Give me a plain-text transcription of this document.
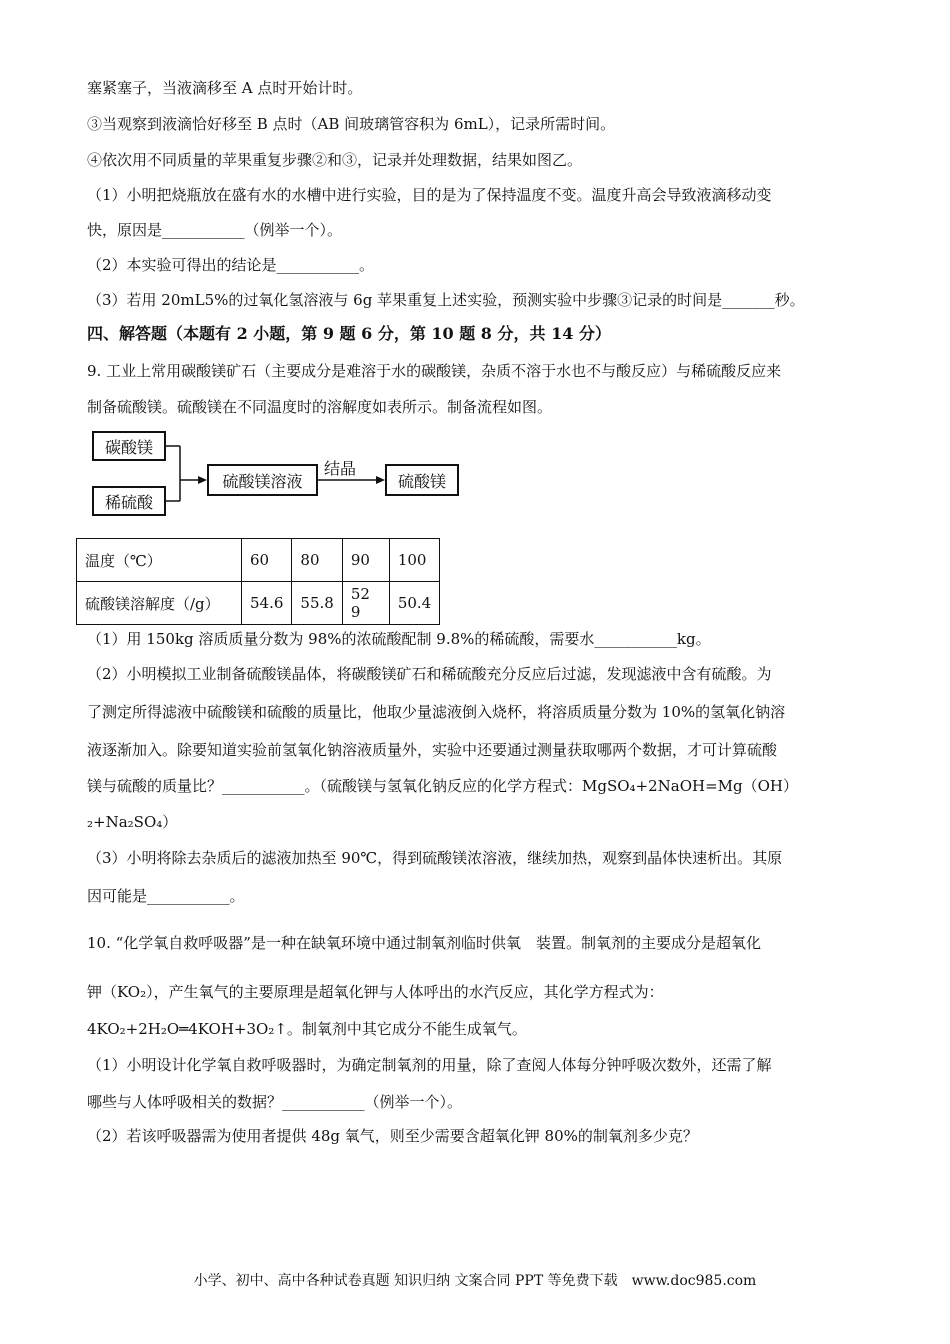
塞紧塞子，当液滴移至 A 点时开始计时。
③当观察到液滴恰好移至 B 点时（AB 间玻璃管容积为 6mL），记录所需时间。
④依次用不同质量的苹果重复步骤②和③，记录并处理数据，结果如图乙。
（1）小明把烧瓶放在盛有水的水槽中进行实验，目的是为了保持温度不变。温度升高会导致液滴移动变
快，原因是___________（例举一个）。
（2）本实验可得出的结论是___________。
（3）若用 20mL5%的过氧化氢溶液与 6g 苹果重复上述实验，预测实验中步骤③记录的时间是_______秒。
四、解答题（本题有 2 小题，第 9 题 6 分，第 10 题 8 分，共 14 分）
9. 工业上常用碳酸镁矿石（主要成分是难溶于水的碳酸镁，杂质不溶于水也不与酸反应）与稀硫酸反应来
制备硫酸镁。硫酸镁在不同温度时的溶解度如表所示。制备流程如图。
碳酸镁
稀硫酸
硫酸镁溶液	硫酸镁
结晶
温度（℃）	60	80	90	100
硫酸镁溶解度（/g）	54.6	55.8	52 9	50.4
（1）用 150kg 溶质质量分数为 98%的浓硫酸配制 9.8%的稀硫酸，需要水___________kg。
（2）小明模拟工业制备硫酸镁晶体，将碳酸镁矿石和稀硫酸充分反应后过滤，发现滤液中含有硫酸。为
了测定所得滤液中硫酸镁和硫酸的质量比，他取少量滤液倒入烧杯，将溶质质量分数为 10%的氢氧化钠溶
液逐渐加入。除要知道实验前氢氧化钠溶液质量外，实验中还要通过测量获取哪两个数据，才可计算硫酸
镁与硫酸的质量比？___________。（硫酸镁与氢氧化钠反应的化学方程式：MgSO₄+2NaOH=Mg（OH）
₂+Na₂SO₄）
（3）小明将除去杂质后的滤液加热至 90℃，得到硫酸镁浓溶液，继续加热，观察到晶体快速析出。其原
因可能是___________。
10. “化学氧自救呼吸器”是一种在缺氧环境中通过制氧剂临时供氧　装置。制氧剂的主要成分是超氧化
钾（KO₂），产生氧气的主要原理是超氧化钾与人体呼出的水汽反应，其化学方程式为：
4KO₂+2H₂O═4KOH+3O₂↑。制氧剂中其它成分不能生成氧气。
（1）小明设计化学氧自救呼吸器时，为确定制氧剂的用量，除了查阅人体每分钟呼吸次数外，还需了解
哪些与人体呼吸相关的数据？___________（例举一个）。
（2）若该呼吸器需为使用者提供 48g 氧气，则至少需要含超氧化钾 80%的制氧剂多少克？
小学、初中、高中各种试卷真题 知识归纳 文案合同 PPT 等免费下载　www.doc985.com
